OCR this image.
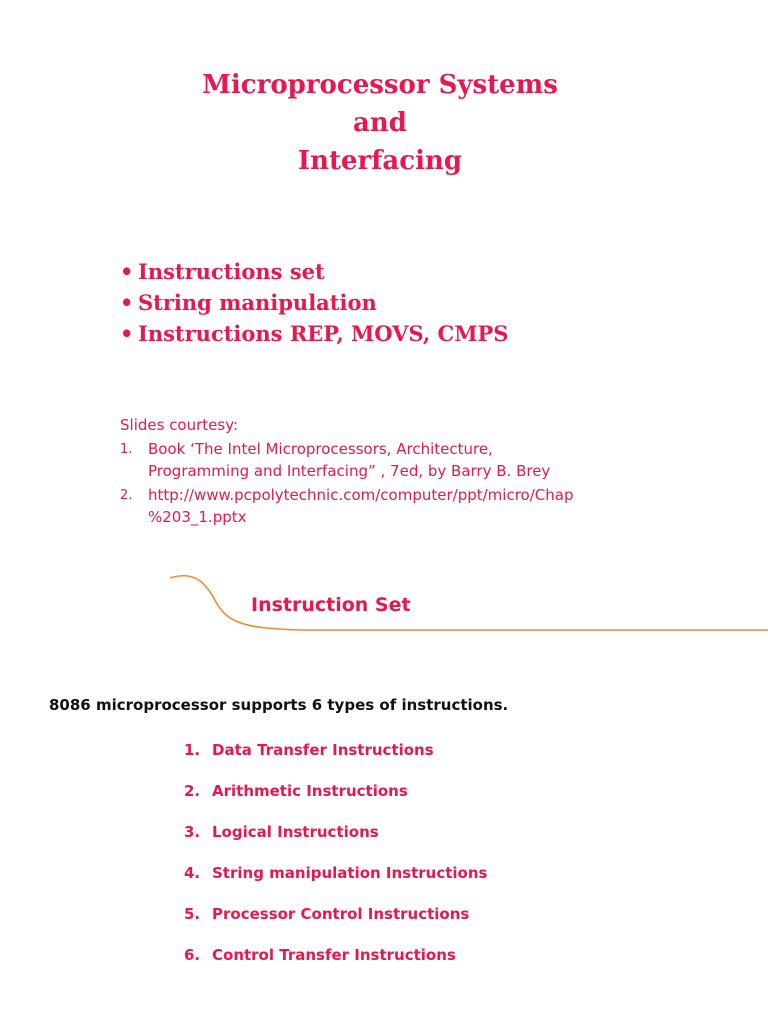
Microprocessor Systems
and
Interfacing
• Instructions set
• String manipulation
• Instructions REP, MOVS, CMPS
Slides courtesy:
1. Book ‘The Intel Microprocessors, Architecture,
Programming and Interfacing” , 7ed, by Barry B. Brey
2. http://www.pcpolytechnic.com/computer/ppt/micro/Chap
%203_1.pptx
Instruction Set
8086 microprocessor supports 6 types of instructions.
1. Data Transfer Instructions
2. Arithmetic Instructions
3. Logical Instructions
4. String manipulation Instructions
5. Processor Control Instructions
6. Control Transfer Instructions
